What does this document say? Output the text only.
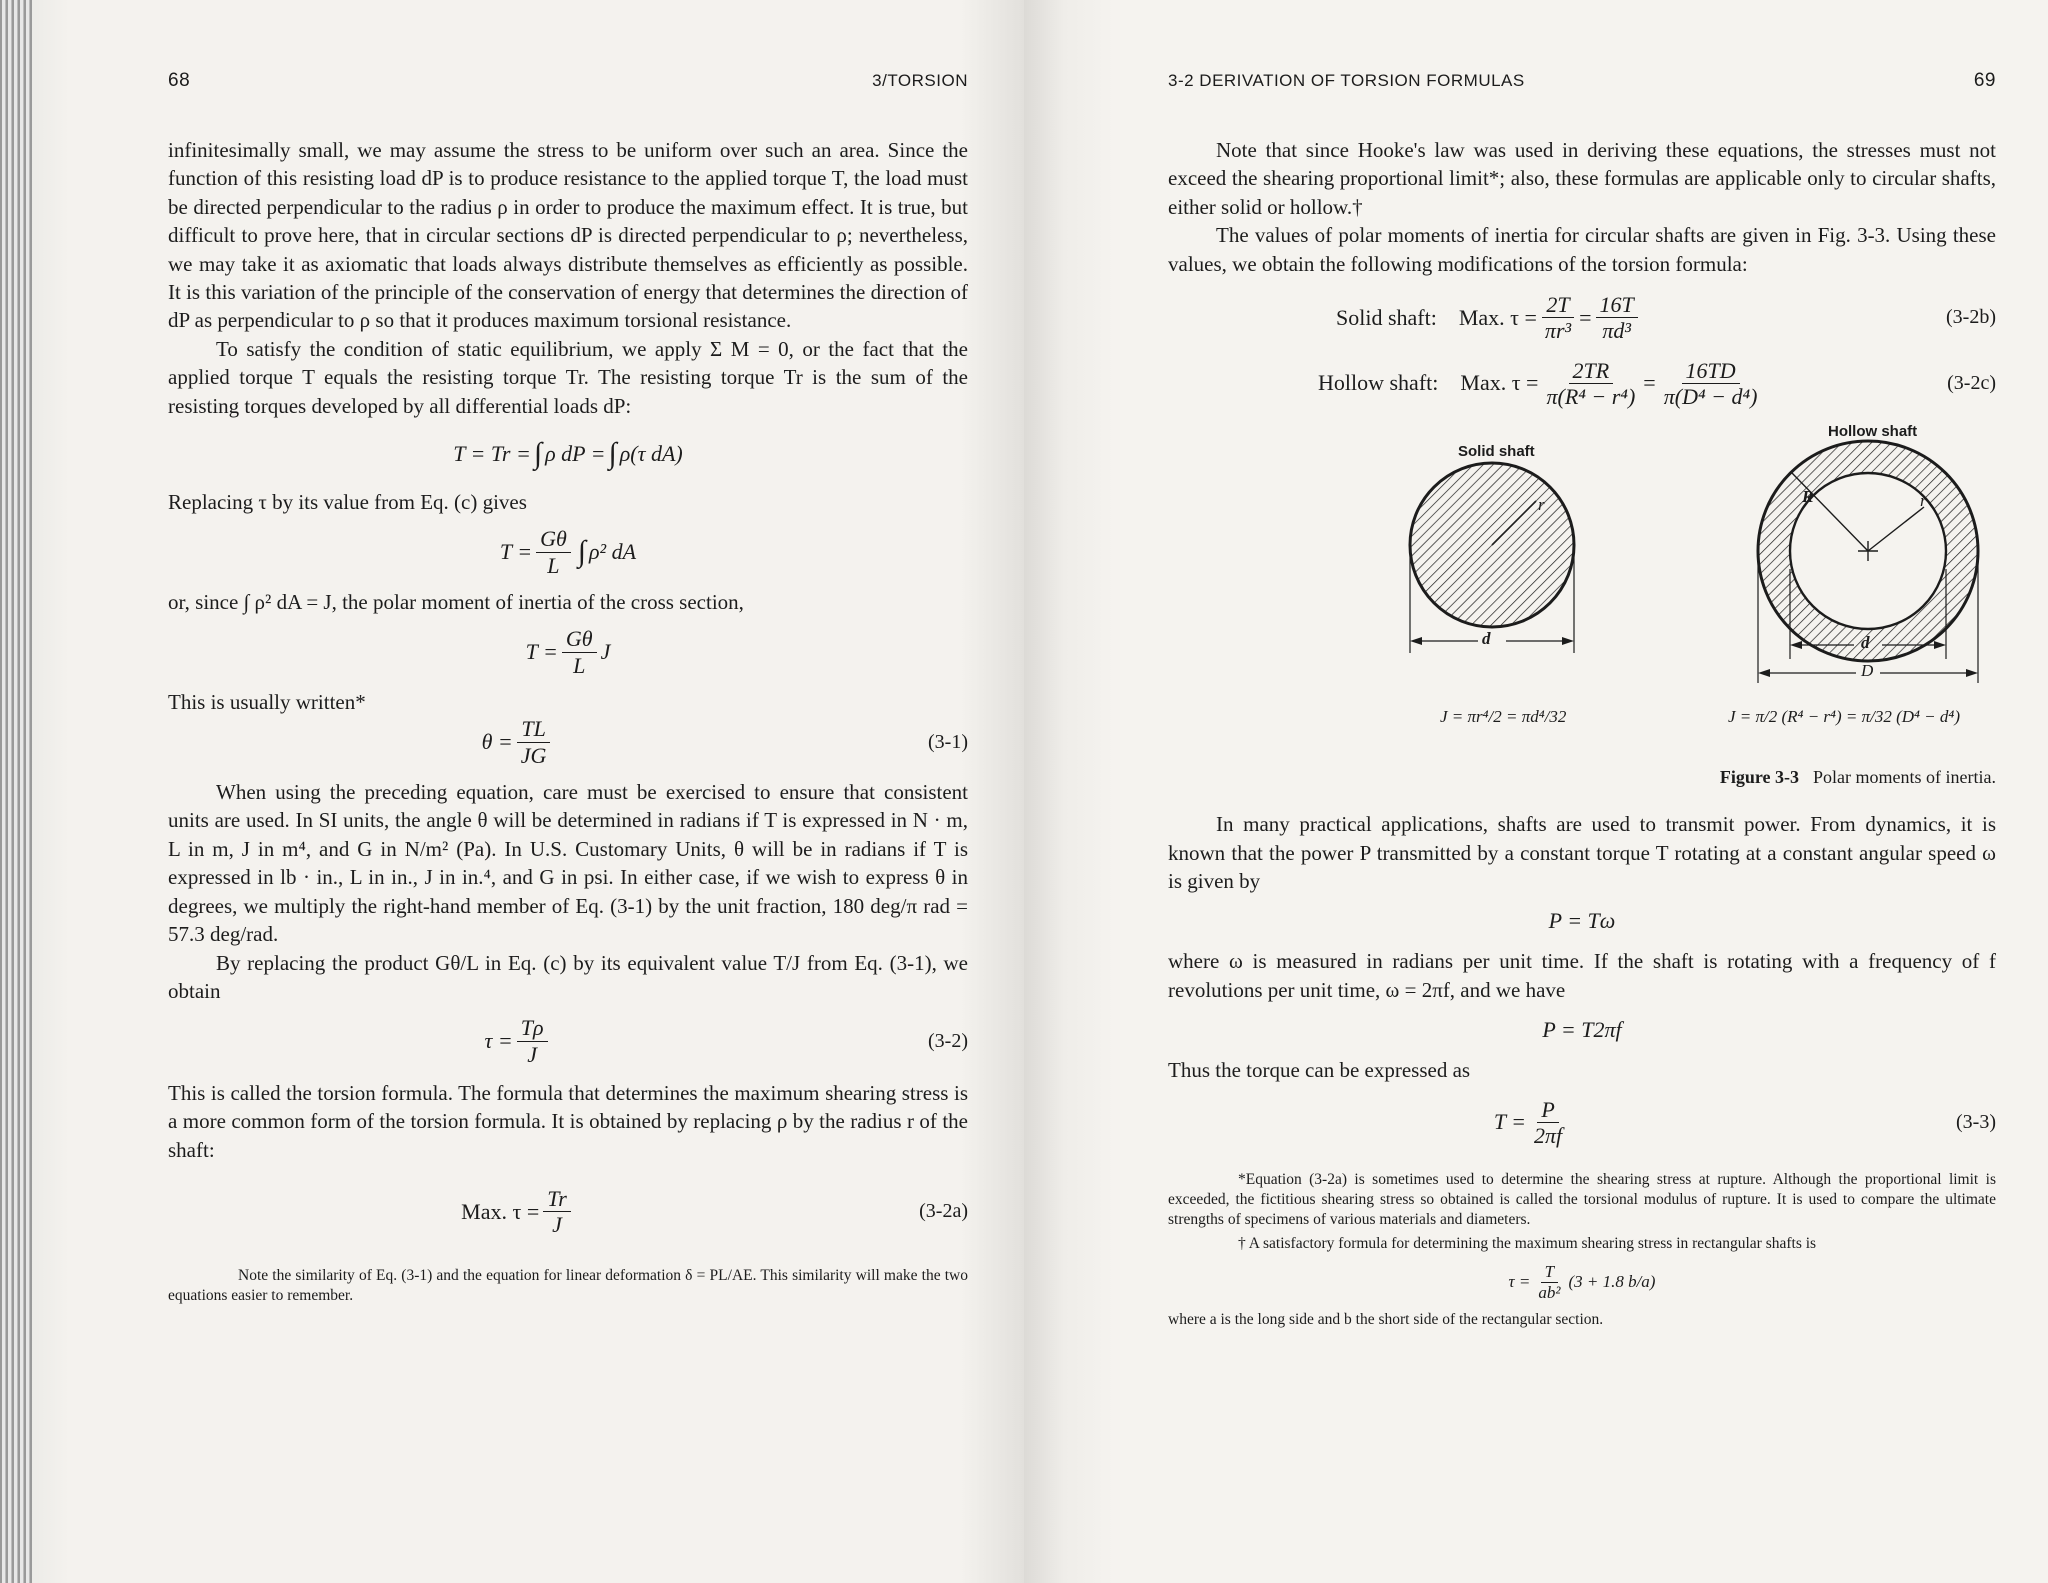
68	3/TORSION

infinitesimally small, we may assume the stress to be uniform over such an area. Since the function of this resisting load dP is to produce resistance to the applied torque T, the load must be directed perpendicular to the radius ρ in order to produce the maximum effect. It is true, but difficult to prove here, that in circular sections dP is directed perpendicular to ρ; nevertheless, we may take it as axiomatic that loads always distribute themselves as efficiently as possible. It is this variation of the principle of the conservation of energy that determines the direction of dP as perpendicular to ρ so that it produces maximum torsional resistance.

To satisfy the condition of static equilibrium, we apply Σ M = 0, or the fact that the applied torque T equals the resisting torque Tr. The resisting torque Tr is the sum of the resisting torques developed by all differential loads dP:

T = Tr = ∫ ρ dP = ∫ ρ(τ dA)

Replacing τ by its value from Eq. (c) gives

$T = \frac{G\theta}{L}$ ∫ ρ² dA

or, since ∫ ρ² dA = J, the polar moment of inertia of the cross section,

$T = \frac{G\theta}{L}$ J

This is usually written*

$\theta = \frac{TL}{JG}$	(3-1)

When using the preceding equation, care must be exercised to ensure that consistent units are used. In SI units, the angle θ will be determined in radians if T is expressed in N · m, L in m, J in m⁴, and G in N/m² (Pa). In U.S. Customary Units, θ will be in radians if T is expressed in lb · in., L in in., J in in.⁴, and G in psi. In either case, if we wish to express θ in degrees, we multiply the right-hand member of Eq. (3-1) by the unit fraction, 180 deg/π rad = 57.3 deg/rad.

By replacing the product Gθ/L in Eq. (c) by its equivalent value T/J from Eq. (3-1), we obtain

$\tau = \frac{T\rho}{J}$	(3-2)

This is called the torsion formula. The formula that determines the maximum shearing stress is a more common form of the torsion formula. It is obtained by replacing ρ by the radius r of the shaft:

Max. $\tau = \frac{Tr}{J}$	(3-2a)

Note the similarity of Eq. (3-1) and the equation for linear deformation δ = PL/AE. This similarity will make the two equations easier to remember.

3-2 DERIVATION OF TORSION FORMULAS	69

Note that since Hooke's law was used in deriving these equations, the stresses must not exceed the shearing proportional limit*; also, these formulas are applicable only to circular shafts, either solid or hollow.†

The values of polar moments of inertia for circular shafts are given in Fig. 3-3. Using these values, we obtain the following modifications of the torsion formula:

Solid shaft: Max. $\tau = \frac{2T}{\text{πr³}} = \frac{16T}{\text{πd³}}$	(3-2b)
Hollow shaft: Max. $\tau = \frac{2TR}{\text{π(R⁴ − r⁴)}} = \frac{16TD}{\text{π(D⁴ − d⁴)}}$	(3-2c)
Solid shaft
Hollow shaft
r
d
R	r
d
D
J = πr⁴/2 = πd⁴/32	J = π/2 (R⁴ − r⁴) = π/32 (D⁴ − d⁴)
Figure 3-3 Polar moments of inertia.

In many practical applications, shafts are used to transmit power. From dynamics, it is known that the power P transmitted by a constant torque T rotating at a constant angular speed ω is given by

P = Tω

where ω is measured in radians per unit time. If the shaft is rotating with a frequency of f revolutions per unit time, ω = 2πf, and we have

P = T2πf

Thus the torque can be expressed as

$T = \frac{P}{2\pi f}$	(3-3)

*Equation (3-2a) is sometimes used to determine the shearing stress at rupture. Although the proportional limit is exceeded, the fictitious shearing stress so obtained is called the torsional modulus of rupture. It is used to compare the ultimate strengths of specimens of various materials and diameters.

† A satisfactory formula for determining the maximum shearing stress in rectangular shafts is

$\tau = \frac{T}{\text{ab²}} (3 + 1.8$ b/a)

where a is the long side and b the short side of the rectangular section.
